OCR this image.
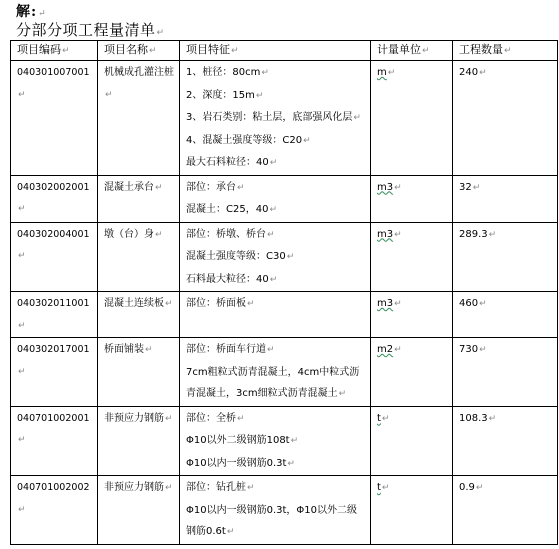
解:↵
分部分项工程量清单↵
项目编码↵	项目名称↵	项目特征↵	计量单位↵	工程数量↵
040301007001↵	机械成孔灌注桩↵	1、桩径：80cm↵
2、深度：15m↵
3、岩石类别：粘土层，底部强风化层↵
4、混凝土强度等级：C20↵
最大石料粒径：40↵	m↵	240↵
040302002001↵	混凝土承台↵	部位：承台↵
混凝土：C25，40↵	m3↵	32↵
040302004001↵	墩（台）身↵	部位：桥墩、桥台↵
混凝土强度等级：C30↵
石料最大粒径：40↵	m3↵	289.3↵
040302011001↵	混凝土连续板↵	部位：桥面板↵	m3↵	460↵
040302017001↵	桥面铺装↵	部位：桥面车行道↵
7cm粗粒式沥青混凝土，4cm中粒式沥青混凝土，3cm细粒式沥青混凝土↵	m2↵	730↵
040701002001↵	非预应力钢筋↵	部位：全桥↵
Φ10以外二级钢筋108t↵
Φ10以内一级钢筋0.3t↵	t↵	108.3↵
040701002002↵	非预应力钢筋↵	部位：钻孔桩↵
Φ10以内一级钢筋0.3t，Φ10以外二级钢筋0.6t↵	t↵	0.9↵
